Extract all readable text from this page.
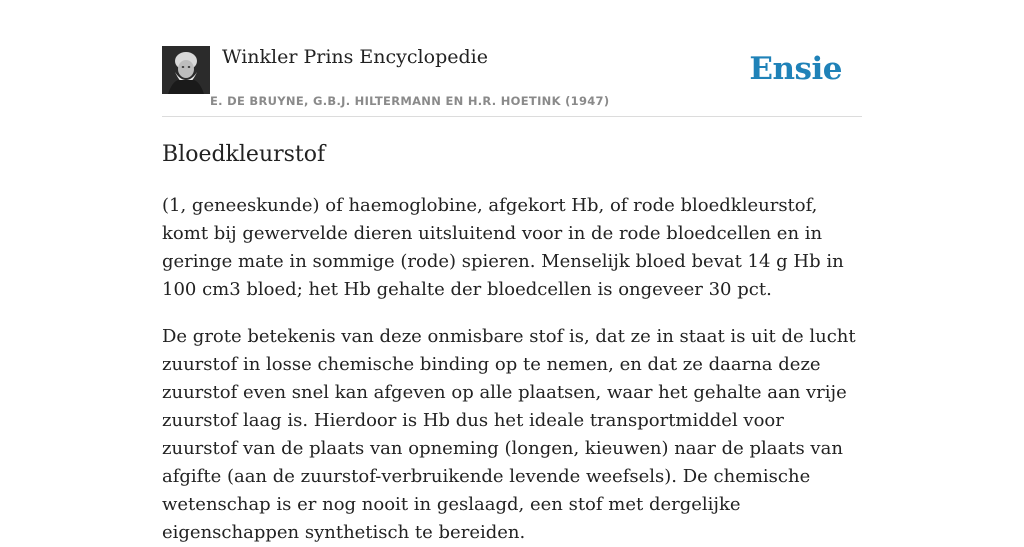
Winkler Prins Encyclopedie
E. DE BRUYNE, G.B.J. HILTERMANN EN H.R. HOETINK (1947)
Ensie
Bloedkleurstof

(1, geneeskunde) of haemoglobine, afgekort Hb, of rode bloedkleurstof, komt bij gewervelde dieren uitsluitend voor in de rode bloedcellen en in geringe mate in sommige (rode) spieren. Menselijk bloed bevat 14 g Hb in 100 cm3 bloed; het Hb gehalte der bloedcellen is ongeveer 30 pct.

De grote betekenis van deze onmisbare stof is, dat ze in staat is uit de lucht zuurstof in losse chemische binding op te nemen, en dat ze daarna deze zuurstof even snel kan afgeven op alle plaatsen, waar het gehalte aan vrije zuurstof laag is. Hierdoor is Hb dus het ideale transportmiddel voor zuurstof van de plaats van opneming (longen, kieuwen) naar de plaats van afgifte (aan de zuurstof-verbruikende levende weefsels). De chemische wetenschap is er nog nooit in geslaagd, een stof met dergelijke eigenschappen synthetisch te bereiden.
